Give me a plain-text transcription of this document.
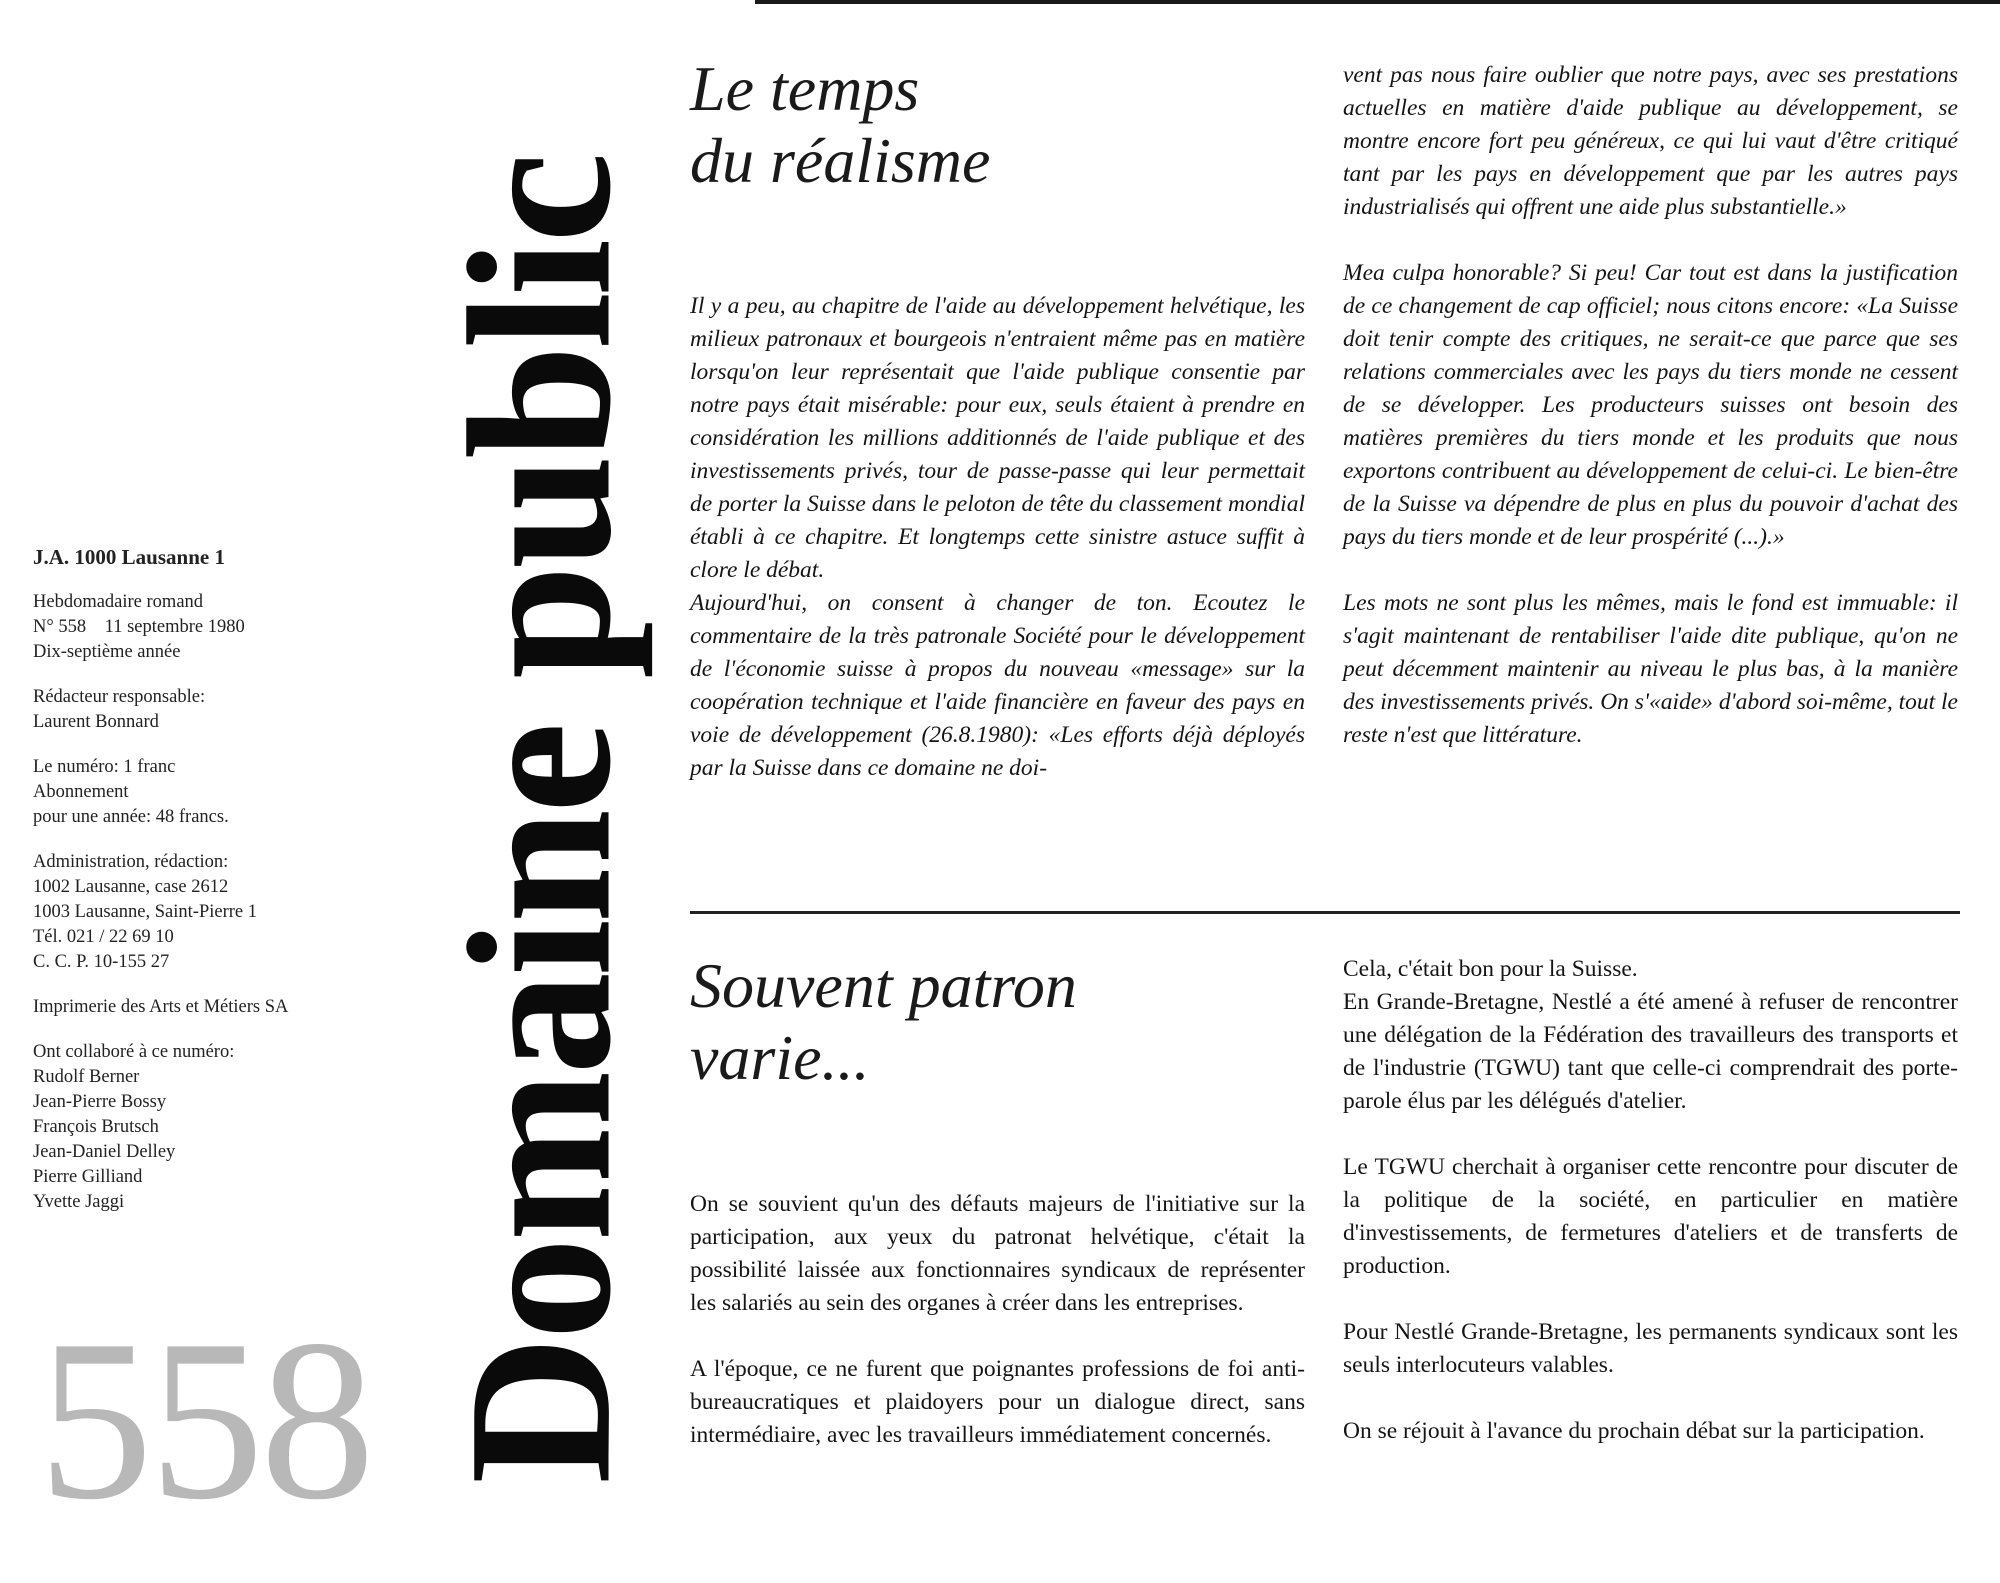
J.A. 1000 Lausanne 1
Hebdomadaire romand
N° 558    11 septembre 1980
Dix-septième année
Rédacteur responsable:
Laurent Bonnard
Le numéro: 1 franc
Abonnement
pour une année: 48 francs.
Administration, rédaction:
1002 Lausanne, case 2612
1003 Lausanne, Saint-Pierre 1
Tél. 021 / 22 69 10
C. C. P. 10-155 27
Imprimerie des Arts et Métiers SA
Ont collaboré à ce numéro:
Rudolf Berner
Jean-Pierre Bossy
François Brutsch
Jean-Daniel Delley
Pierre Gilliand
Yvette Jaggi
558 Domaine public
Le temps
du réalisme

Il y a peu, au chapitre de l'aide au développement helvétique, les milieux patronaux et bourgeois n'entraient même pas en matière lorsqu'on leur représentait que l'aide publique consentie par notre pays était misérable: pour eux, seuls étaient à prendre en considération les millions additionnés de l'aide publique et des investissements privés, tour de passe-passe qui leur permettait de porter la Suisse dans le peloton de tête du classement mondial établi à ce chapitre. Et longtemps cette sinistre astuce suffit à clore le débat.

Aujourd'hui, on consent à changer de ton. Ecoutez le commentaire de la très patronale Société pour le développement de l'économie suisse à propos du nouveau «message» sur la coopération technique et l'aide financière en faveur des pays en voie de développement (26.8.1980): «Les efforts déjà déployés par la Suisse dans ce domaine ne doi-

vent pas nous faire oublier que notre pays, avec ses prestations actuelles en matière d'aide publique au développement, se montre encore fort peu généreux, ce qui lui vaut d'être critiqué tant par les pays en développement que par les autres pays industrialisés qui offrent une aide plus substantielle.»

Mea culpa honorable? Si peu! Car tout est dans la justification de ce changement de cap officiel; nous citons encore: «La Suisse doit tenir compte des critiques, ne serait-ce que parce que ses relations commerciales avec les pays du tiers monde ne cessent de se développer. Les producteurs suisses ont besoin des matières premières du tiers monde et les produits que nous exportons contribuent au développement de celui-ci. Le bien-être de la Suisse va dépendre de plus en plus du pouvoir d'achat des pays du tiers monde et de leur prospérité (...).»

Les mots ne sont plus les mêmes, mais le fond est immuable: il s'agit maintenant de rentabiliser l'aide dite publique, qu'on ne peut décemment maintenir au niveau le plus bas, à la manière des investissements privés. On s'«aide» d'abord soi-même, tout le reste n'est que littérature.

Souvent patron
varie...

On se souvient qu'un des défauts majeurs de l'initiative sur la participation, aux yeux du patronat helvétique, c'était la possibilité laissée aux fonctionnaires syndicaux de représenter les salariés au sein des organes à créer dans les entreprises.

A l'époque, ce ne furent que poignantes professions de foi anti-bureaucratiques et plaidoyers pour un dialogue direct, sans intermédiaire, avec les travailleurs immédiatement concernés.

Cela, c'était bon pour la Suisse.

En Grande-Bretagne, Nestlé a été amené à refuser de rencontrer une délégation de la Fédération des travailleurs des transports et de l'industrie (TGWU) tant que celle-ci comprendrait des porte-parole élus par les délégués d'atelier.

Le TGWU cherchait à organiser cette rencontre pour discuter de la politique de la société, en particulier en matière d'investissements, de fermetures d'ateliers et de transferts de production.

Pour Nestlé Grande-Bretagne, les permanents syndicaux sont les seuls interlocuteurs valables.

On se réjouit à l'avance du prochain débat sur la participation.
